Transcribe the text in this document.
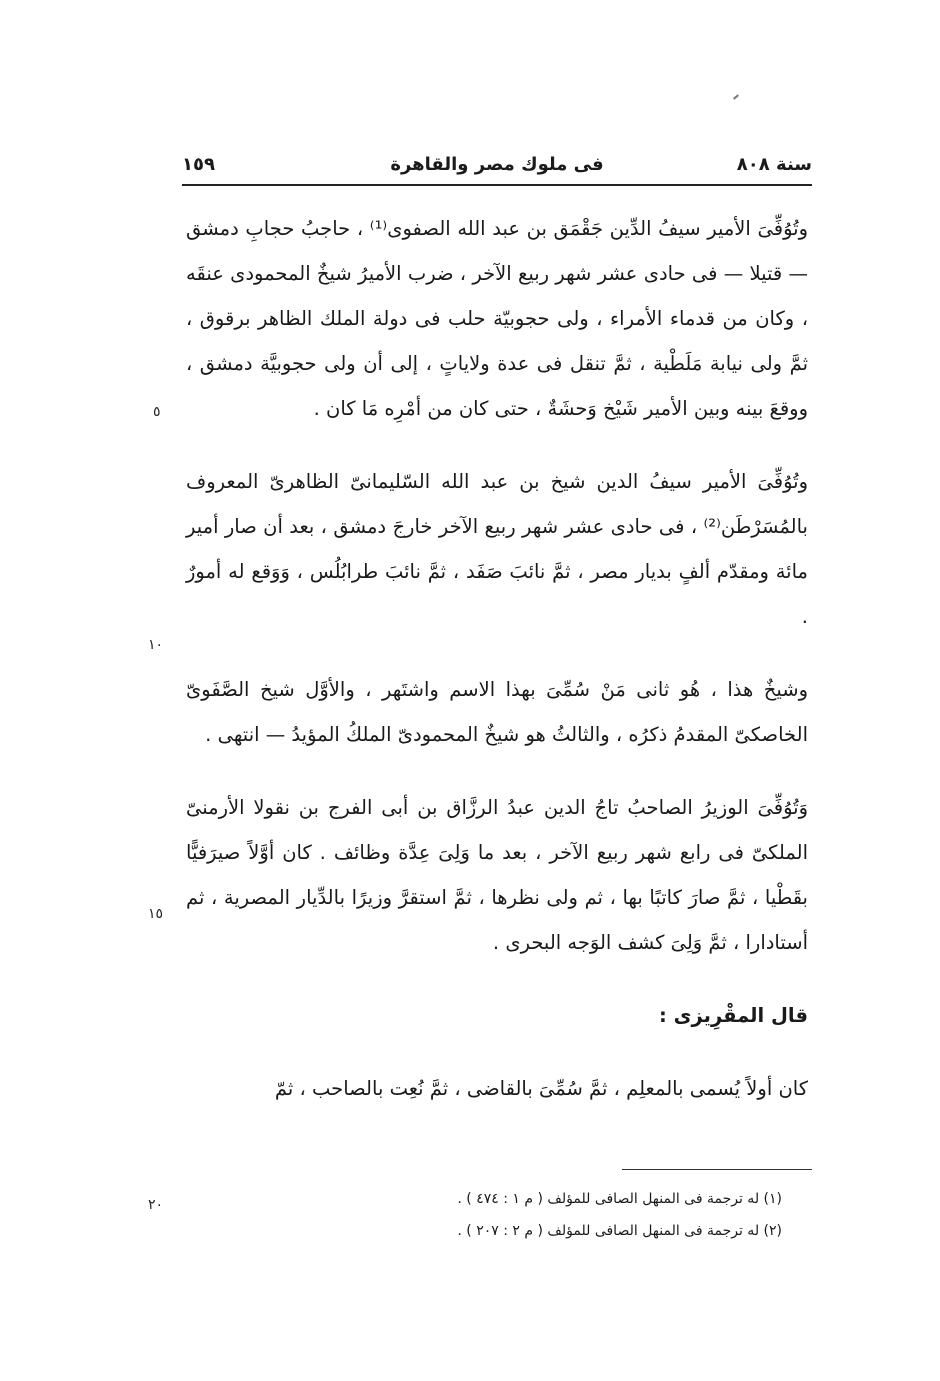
سنة ٨٠٨
فى ملوك مصر والقاهرة
١٥٩

وتُوُفِّىَ الأمير سيفُ الدِّين جَقْمَق بن عبد الله الصفوى⁽¹⁾ ، حاجبُ حجابِ دمشق — قتيلا — فى حادى عشر شهر ربيع الآخر ، ضرب الأميرُ شيخٌ المحمودى عنقَه ، وكان من قدماء الأمراء ، ولى حجوبيّة حلب فى دولة الملك الظاهر برقوق ، ثمَّ ولى نيابة مَلَطْية ، ثمَّ تنقل فى عدة ولاياتٍ ، إلى أن ولى حجوبيَّة دمشق ، ووقعَ بينه وبين الأمير شَيْخ وَحشَةٌ ، حتى كان من أمْرِه مَا كان .

وتُوُفِّىَ الأمير سيفُ الدين شيخ بن عبد الله السّليمانىّ الظاهرىّ المعروف بالمُسَرْطَن⁽²⁾ ، فى حادى عشر شهر ربيع الآخر خارجَ دمشق ، بعد أن صار أمير مائة ومقدّم ألفٍ بديار مصر ، ثمَّ نائبَ صَفَد ، ثمَّ نائبَ طرابُلُس ، وَوَقع له أمورٌ .

وشيخٌ هذا ، هُو ثانى مَنْ سُمِّىَ بهذا الاسم واشتَهر ، والأوَّل شيخ الصَّفَوىّ الخاصكىّ المقدمُ ذكرُه ، والثالثُ هو شيخٌ المحمودىّ الملكُ المؤيدُ — انتهى .

وَتُوُفِّىَ الوزيرُ الصاحبُ تاجُ الدين عبدُ الرزَّاق بن أبى الفرج بن نقولا الأرمنىّ الملكىّ فى رابع شهر ربيع الآخر ، بعد ما وَلِىَ عِدَّة وظائف . كان أوَّلاً صيرَفيًّا بقَطْيا ، ثمَّ صارَ كاتبًا بها ، ثم ولى نظرها ، ثمَّ استقرَّ وزيرًا بالدِّيار المصرية ، ثم أستادارا ، ثمَّ وَلِىَ كشف الوَجه البحرى .

قال المقْرِيزى :

كان أولاً يُسمى بالمعلِم ، ثمَّ سُمِّىَ بالقاضى ، ثمَّ نُعِت بالصاحب ، ثمّ

٥
١٠
١٥
٢٠	(١) له ترجمة فى المنهل الصافى للمؤلف ( م ١ : ٤٧٤ ) .

(٢) له ترجمة فى المنهل الصافى للمؤلف ( م ٢ : ٢٠٧ ) .
